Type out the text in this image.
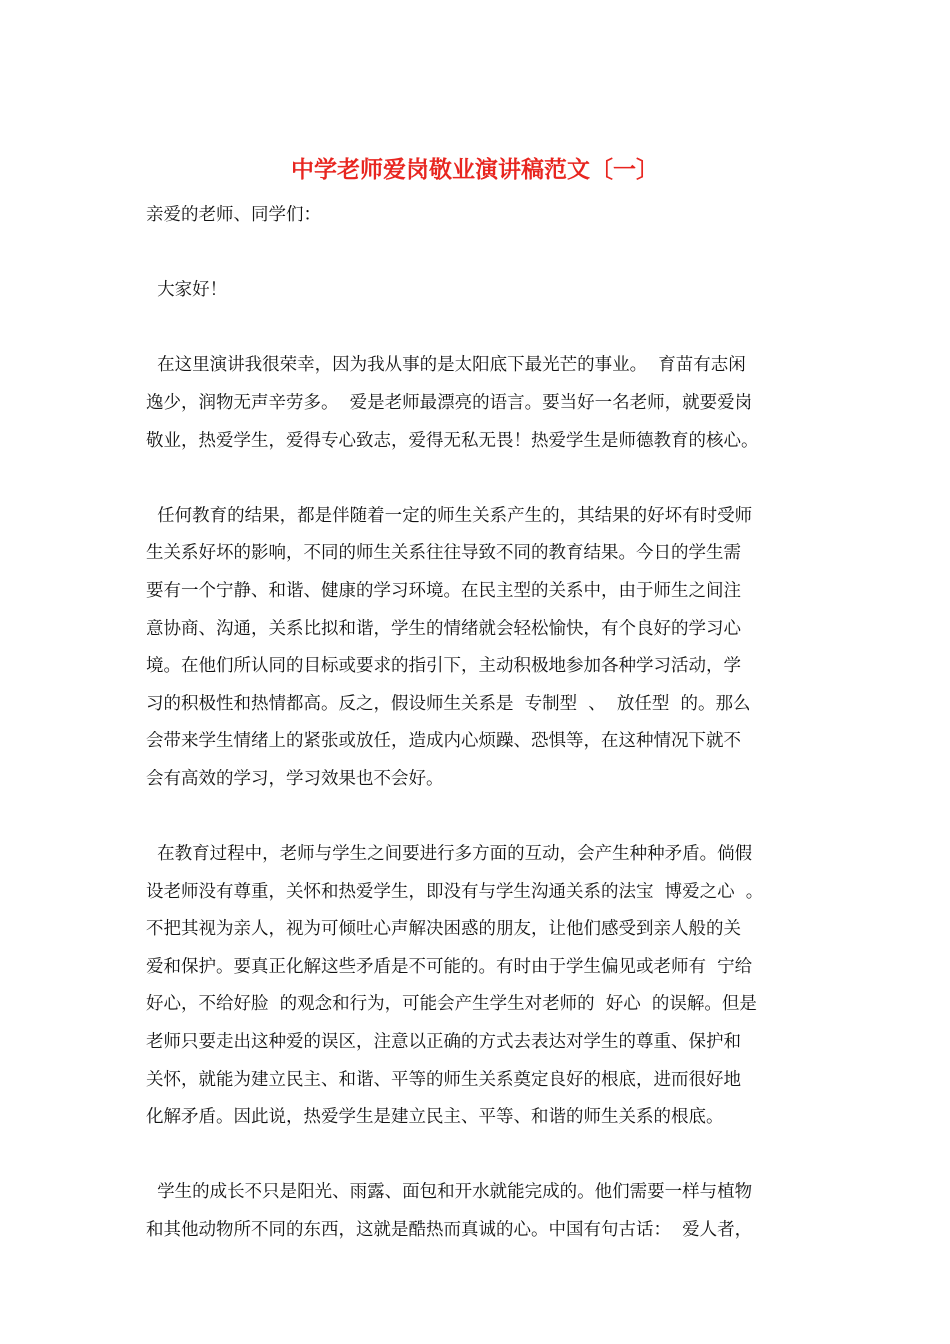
中学老师爱岗敬业演讲稿范文〔一〕
亲爱的老师、同学们：
大家好！
在这里演讲我很荣幸，因为我从事的是太阳底下最光芒的事业。  育苗有志闲
逸少，润物无声辛劳多。  爱是老师最漂亮的语言。要当好一名老师，就要爱岗
敬业，热爱学生，爱得专心致志，爱得无私无畏！热爱学生是师德教育的核心。
任何教育的结果，都是伴随着一定的师生关系产生的，其结果的好坏有时受师
生关系好坏的影响，不同的师生关系往往导致不同的教育结果。今日的学生需
要有一个宁静、和谐、健康的学习环境。在民主型的关系中，由于师生之间注
意协商、沟通，关系比拟和谐，学生的情绪就会轻松愉快，有个良好的学习心
境。在他们所认同的目标或要求的指引下，主动积极地参加各种学习活动，学
习的积极性和热情都高。反之，假设师生关系是  专制型  、  放任型  的。那么
会带来学生情绪上的紧张或放任，造成内心烦躁、恐惧等，在这种情况下就不
会有高效的学习，学习效果也不会好。
在教育过程中，老师与学生之间要进行多方面的互动，会产生种种矛盾。倘假
设老师没有尊重，关怀和热爱学生，即没有与学生沟通关系的法宝  博爱之心  。
不把其视为亲人，视为可倾吐心声解决困惑的朋友，让他们感受到亲人般的关
爱和保护。要真正化解这些矛盾是不可能的。有时由于学生偏见或老师有  宁给
好心，不给好脸  的观念和行为，可能会产生学生对老师的  好心  的误解。但是
老师只要走出这种爱的误区，注意以正确的方式去表达对学生的尊重、保护和
关怀，就能为建立民主、和谐、平等的师生关系奠定良好的根底，进而很好地
化解矛盾。因此说，热爱学生是建立民主、平等、和谐的师生关系的根底。
学生的成长不只是阳光、雨露、面包和开水就能完成的。他们需要一样与植物
和其他动物所不同的东西，这就是酷热而真诚的心。中国有句古话：  爱人者，
